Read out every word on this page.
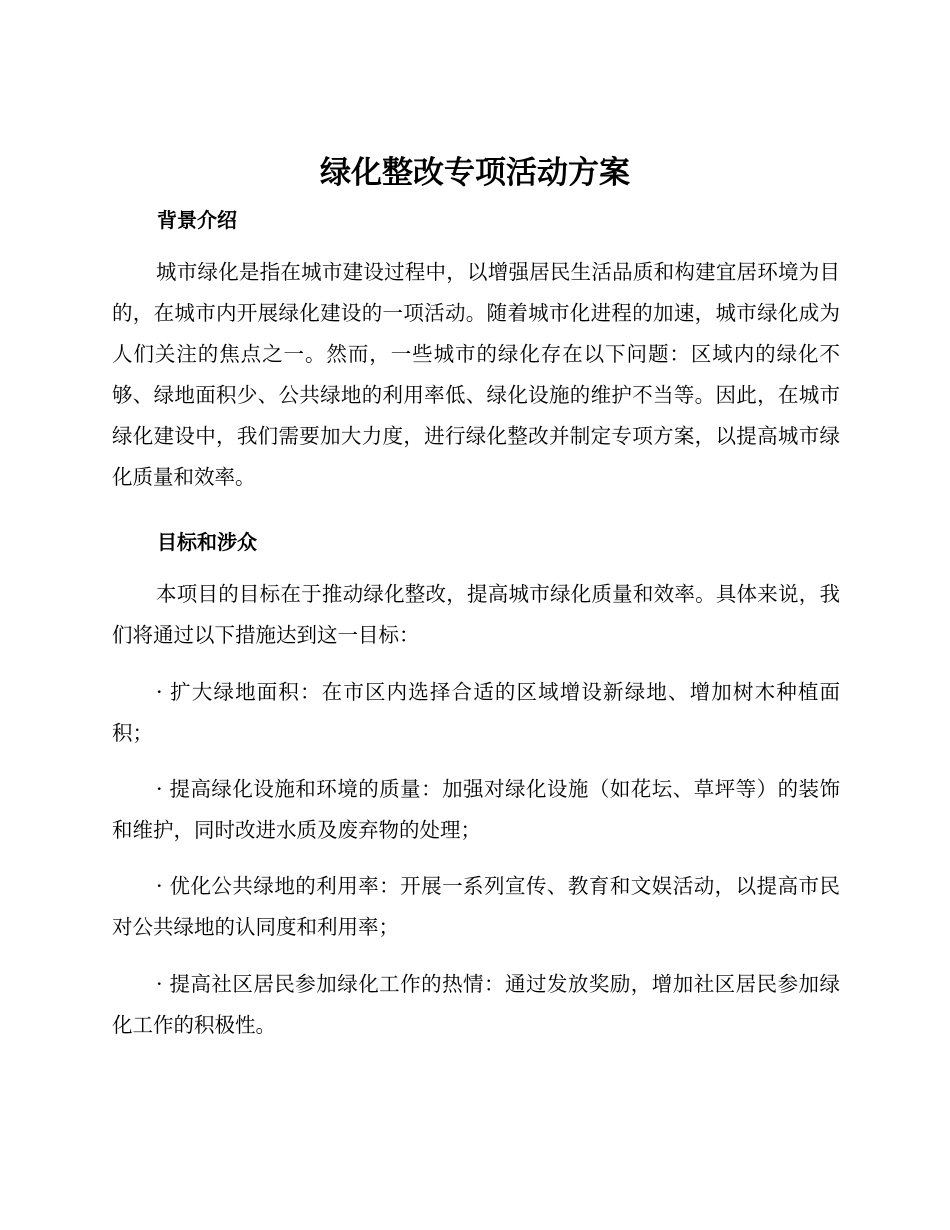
绿化整改专项活动方案
背景介绍

城市绿化是指在城市建设过程中，以增强居民生活品质和构建宜居环境为目的，在城市内开展绿化建设的一项活动。随着城市化进程的加速，城市绿化成为人们关注的焦点之一。然而，一些城市的绿化存在以下问题：区域内的绿化不够、绿地面积少、公共绿地的利用率低、绿化设施的维护不当等。因此，在城市绿化建设中，我们需要加大力度，进行绿化整改并制定专项方案，以提高城市绿化质量和效率。

目标和涉众

本项目的目标在于推动绿化整改，提高城市绿化质量和效率。具体来说，我们将通过以下措施达到这一目标：

· 扩大绿地面积：在市区内选择合适的区域增设新绿地、增加树木种植面积；

· 提高绿化设施和环境的质量：加强对绿化设施（如花坛、草坪等）的装饰和维护，同时改进水质及废弃物的处理；

· 优化公共绿地的利用率：开展一系列宣传、教育和文娱活动，以提高市民对公共绿地的认同度和利用率；

· 提高社区居民参加绿化工作的热情：通过发放奖励，增加社区居民参加绿化工作的积极性。
